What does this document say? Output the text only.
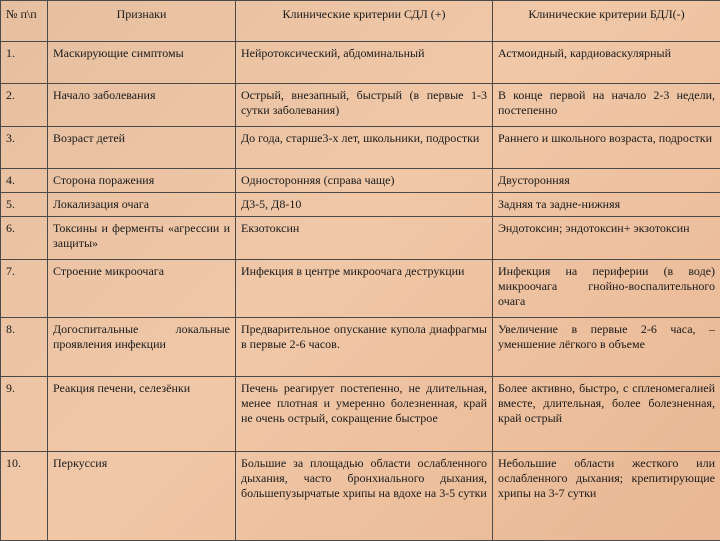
№ п\п	Признаки	Клинические критерии СДЛ (+)	Клинические критерии БДЛ(-)
1.	Маскирующие симптомы	Нейротоксический, абдоминальный	Астмоидный, кардиоваскулярный
2.	Начало заболевания	Острый, внезапный, быстрый (в первые 1-3 сутки заболевания)	В конце первой на начало 2-3 недели, постепенно
3.	Возраст детей	До года, старше3-х лет, школьники, подростки	Раннего и школьного возраста, подростки
4.	Сторона поражения	Односторонняя (справа чаще)	Двусторонняя
5.	Локализация очага	Д3-5, Д8-10	Задняя та задне-нижняя
6.	Токсины и ферменты «агрессии и защиты»	Екзотоксин	Эндотоксин; эндотоксин+ экзотоксин
7.	Строение микроочага	Инфекция в центре микроочага деструкции	Инфекция на периферии (в воде) микроочага гнойно-воспалительного очага
8.	Догоспитальные локальные проявления инфекции	Предварительное опускание купола диафрагмы в первые 2-6 часов.	Увеличение в первые 2-6 часа, – уменшение лёгкого в объеме
9.	Реакция печени, селезёнки	Печень реагирует постепенно, не длительная, менее плотная и умеренно болезненная, край не очень острый, сокращение быстрое	Более активно, быстро, с спленомегалией вместе, длительная, более болезненная, край острый
10.	Перкуссия	Большие за площадью области ослабленного дыхания, часто бронхиального дыхания, большепузырчатые хрипы на вдохе на 3-5 сутки	Небольшие области жесткого или ослабленного дыхания; крепитирующие хрипы на 3-7 сутки
